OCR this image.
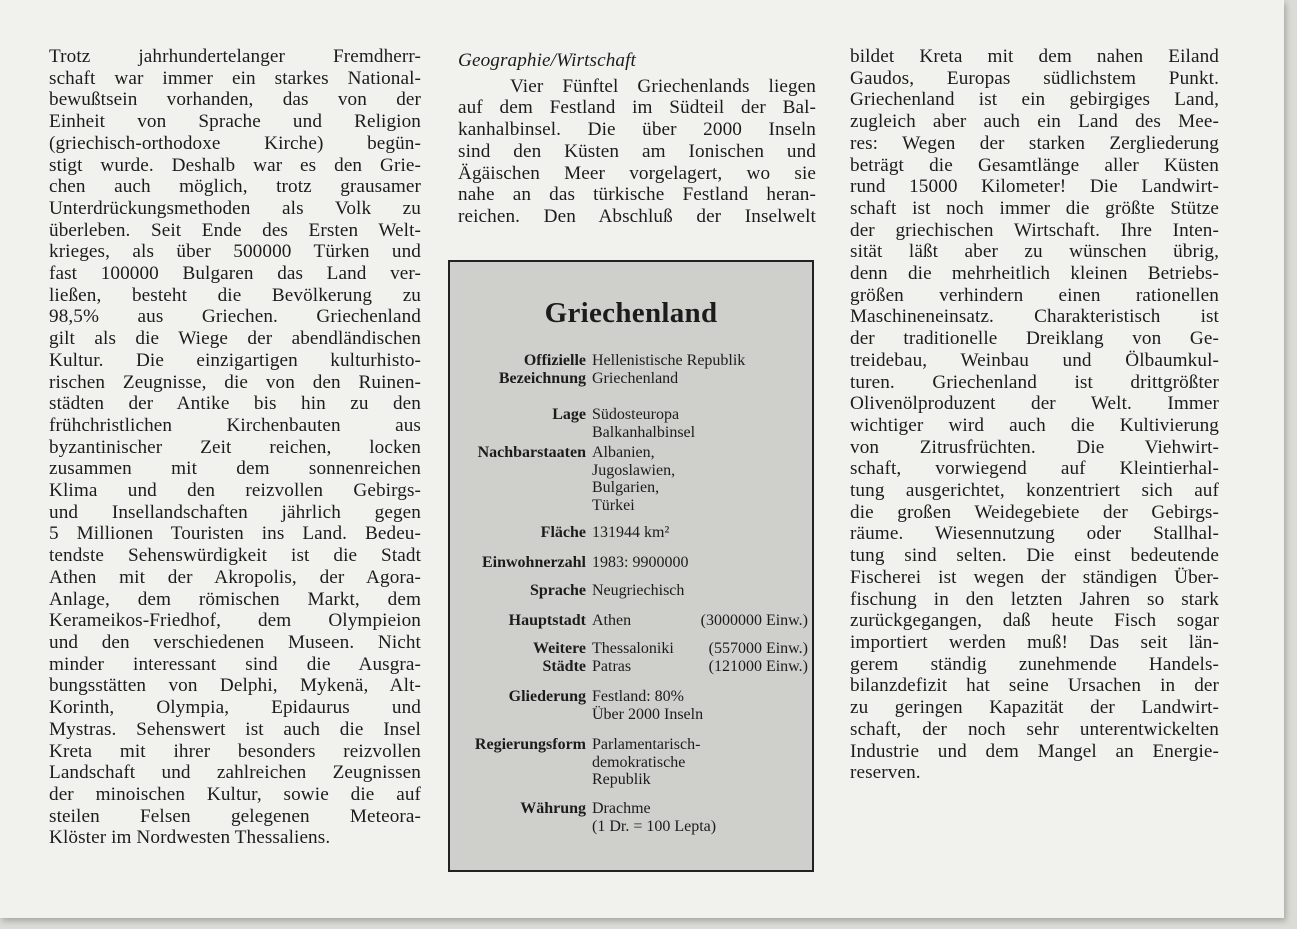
Trotz jahrhundertelanger Fremdherr-
schaft war immer ein starkes National-
bewußtsein vorhanden, das von der
Einheit von Sprache und Religion
(griechisch-orthodoxe Kirche) begün-
stigt wurde. Deshalb war es den Grie-
chen auch möglich, trotz grausamer
Unterdrückungsmethoden als Volk zu
überleben. Seit Ende des Ersten Welt-
krieges, als über 500000 Türken und
fast 100000 Bulgaren das Land ver-
ließen, besteht die Bevölkerung zu
98,5% aus Griechen. Griechenland
gilt als die Wiege der abendländischen
Kultur. Die einzigartigen kulturhisto-
rischen Zeugnisse, die von den Ruinen-
städten der Antike bis hin zu den
frühchristlichen Kirchenbauten aus
byzantinischer Zeit reichen, locken
zusammen mit dem sonnenreichen
Klima und den reizvollen Gebirgs-
und Insellandschaften jährlich gegen
5 Millionen Touristen ins Land. Bedeu-
tendste Sehenswürdigkeit ist die Stadt
Athen mit der Akropolis, der Agora-
Anlage, dem römischen Markt, dem
Kerameikos-Friedhof, dem Olympieion
und den verschiedenen Museen. Nicht
minder interessant sind die Ausgra-
bungsstätten von Delphi, Mykenä, Alt-
Korinth, Olympia, Epidaurus und
Mystras. Sehenswert ist auch die Insel
Kreta mit ihrer besonders reizvollen
Landschaft und zahlreichen Zeugnissen
der minoischen Kultur, sowie die auf
steilen Felsen gelegenen Meteora-
Klöster im Nordwesten Thessaliens.
Geographie/Wirtschaft
Vier Fünftel Griechenlands liegen
auf dem Festland im Südteil der Bal-
kanhalbinsel. Die über 2000 Inseln
sind den Küsten am Ionischen und
Ägäischen Meer vorgelagert, wo sie
nahe an das türkische Festland heran-
reichen. Den Abschluß der Inselwelt
Griechenland
Offizielle
Bezeichnung
Hellenistische Republik
Griechenland
Lage Südosteuropa
Balkanhalbinsel
Nachbarstaaten Albanien,
Jugoslawien,
Bulgarien,
Türkei
Fläche 131944 km²
Einwohnerzahl 1983: 9900000
Sprache Neugriechisch
Hauptstadt Athen	(3000000 Einw.)
Weitere
Städte
Thessaloniki
Patras
(557000 Einw.)
(121000 Einw.)
Gliederung Festland: 80%
Über 2000 Inseln
Regierungsform Parlamentarisch-
demokratische
Republik
Währung Drachme
(1 Dr. = 100 Lepta)
bildet Kreta mit dem nahen Eiland
Gaudos, Europas südlichstem Punkt.
Griechenland ist ein gebirgiges Land,
zugleich aber auch ein Land des Mee-
res: Wegen der starken Zergliederung
beträgt die Gesamtlänge aller Küsten
rund 15000 Kilometer! Die Landwirt-
schaft ist noch immer die größte Stütze
der griechischen Wirtschaft. Ihre Inten-
sität läßt aber zu wünschen übrig,
denn die mehrheitlich kleinen Betriebs-
größen verhindern einen rationellen
Maschineneinsatz. Charakteristisch ist
der traditionelle Dreiklang von Ge-
treidebau, Weinbau und Ölbaumkul-
turen. Griechenland ist drittgrößter
Olivenölproduzent der Welt. Immer
wichtiger wird auch die Kultivierung
von Zitrusfrüchten. Die Viehwirt-
schaft, vorwiegend auf Kleintierhal-
tung ausgerichtet, konzentriert sich auf
die großen Weidegebiete der Gebirgs-
räume. Wiesennutzung oder Stallhal-
tung sind selten. Die einst bedeutende
Fischerei ist wegen der ständigen Über-
fischung in den letzten Jahren so stark
zurückgegangen, daß heute Fisch sogar
importiert werden muß! Das seit län-
gerem ständig zunehmende Handels-
bilanzdefizit hat seine Ursachen in der
zu geringen Kapazität der Landwirt-
schaft, der noch sehr unterentwickelten
Industrie und dem Mangel an Energie-
reserven.
